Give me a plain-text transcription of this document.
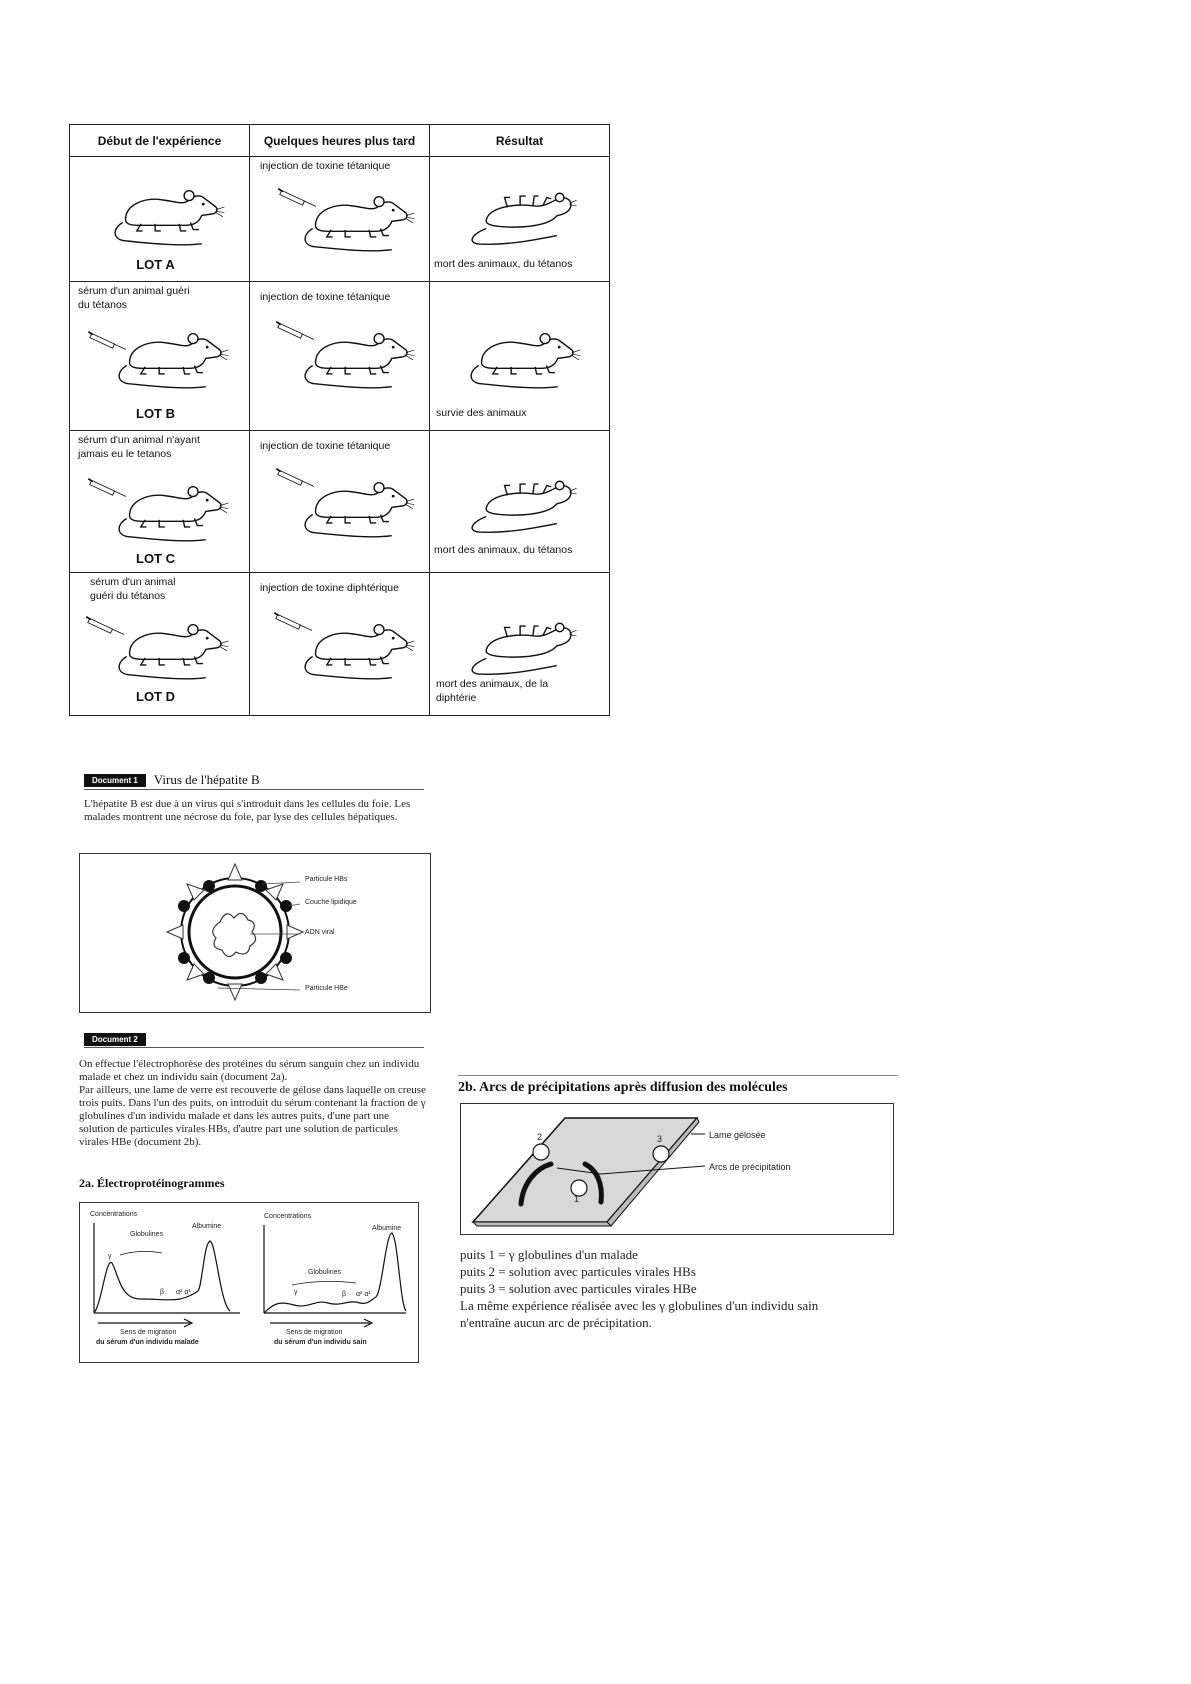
Début de l'expérience	Quelques heures plus tard	Résultat

LOT A	injection de toxine tétanique	mort des animaux, du tétanos

sérum d'un animal guéri du tétanos
LOT B	injection de toxine tétanique	survie des animaux

sérum d'un animal n'ayant jamais eu le tetanos
LOT C	injection de toxine tétanique	mort des animaux, du tétanos

sérum d'un animal guéri du tétanos
LOT D	injection de toxine diphtérique	mort des animaux, de la diphtérie
Document 1	Virus de l'hépatite B
L'hépatite B est due à un virus qui s'introduit dans les cellules du foie. Les malades montrent une nécrose du foie, par lyse des cellules hépatiques.
Particule HBs
Couche lipidique
ADN viral
Particule HBe
Document 2

On effectue l'électrophorèse des protéines du sérum sanguin chez un individu malade et chez un individu sain (document 2a).

Par ailleurs, une lame de verre est recouverte de gélose dans laquelle on creuse trois puits. Dans l'un des puits, on introduit du sérum contenant la fraction de γ globulines d'un individu malade et dans les autres puits, d'une part une solution de particules virales HBs, d'autre part une solution de particules virales HBe (document 2b).

2a. Électroprotéinogrammes
Concentrations
Globulines
Albumine
γ
β α² α¹
Sens de migration
du sérum d'un individu malade
Concentrations
Globulines
Albumine
γ	β α² α¹
Sens de migration
du sérum d'un individu sain
2b. Arcs de précipitations après diffusion des molécules
1
2	3	Lame gélosée
Arcs de précipitation
puits 1 = γ globulines d'un malade
puits 2 = solution avec particules virales HBs
puits 3 = solution avec particules virales HBe
La même expérience réalisée avec les γ globulines d'un individu sain
n'entraîne aucun arc de précipitation.
